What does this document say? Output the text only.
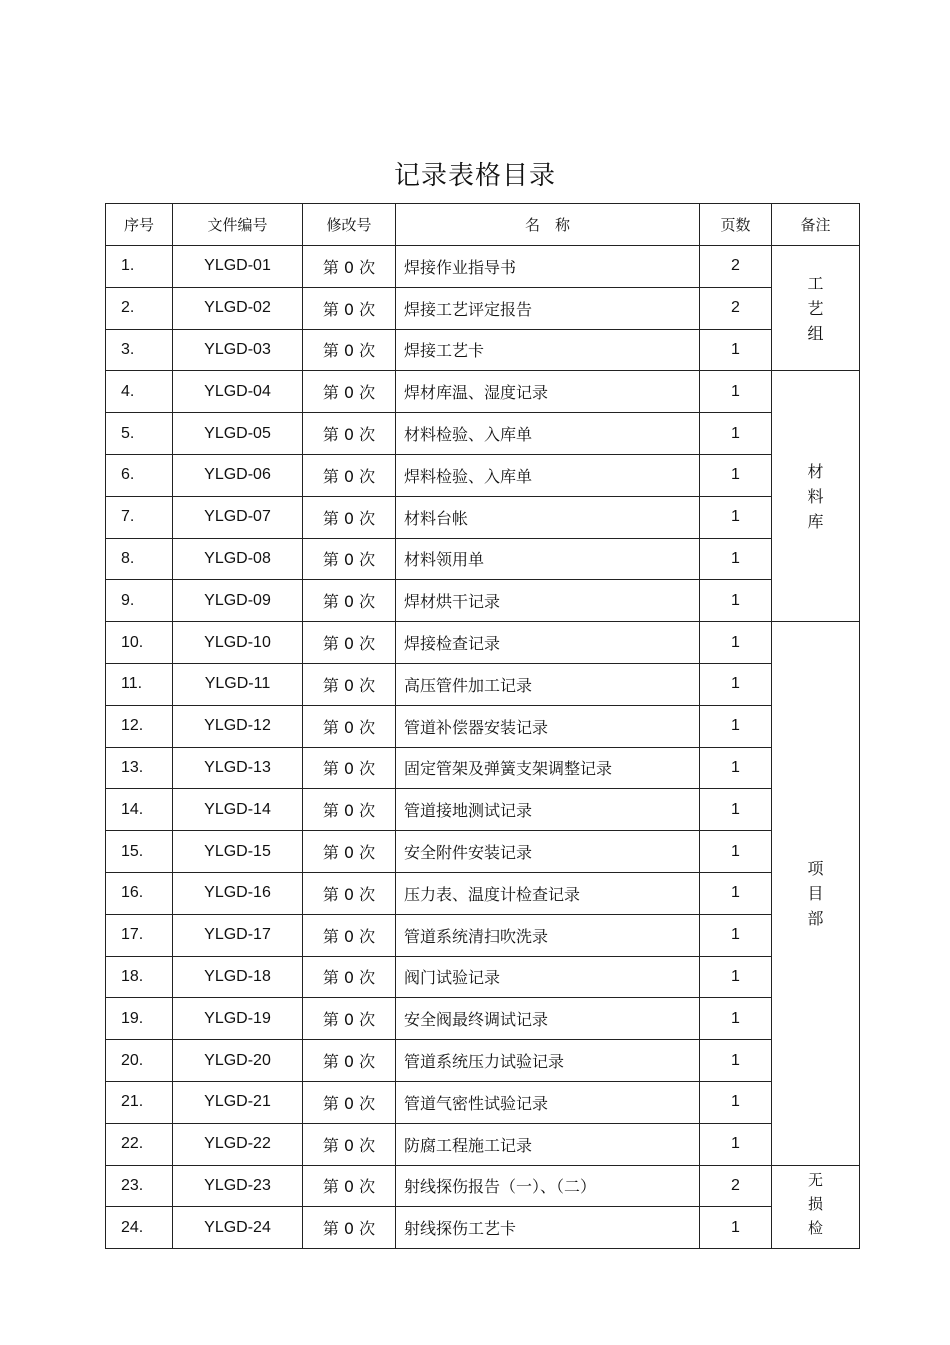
记录表格目录
序号	文件编号	修改号	名　称	页数	备注
1.	YLGD-01	第 0 次	焊接作业指导书	2	工艺组
2.	YLGD-02	第 0 次	焊接工艺评定报告	2	
3.	YLGD-03	第 0 次	焊接工艺卡	1	
4.	YLGD-04	第 0 次	焊材库温、湿度记录	1	材料库
5.	YLGD-05	第 0 次	材料检验、入库单	1	
6.	YLGD-06	第 0 次	焊料检验、入库单	1	
7.	YLGD-07	第 0 次	材料台帐	1	
8.	YLGD-08	第 0 次	材料领用单	1	
9.	YLGD-09	第 0 次	焊材烘干记录	1	
10.	YLGD-10	第 0 次	焊接检查记录	1	项目部
11.	YLGD-11	第 0 次	高压管件加工记录	1	
12.	YLGD-12	第 0 次	管道补偿器安装记录	1	
13.	YLGD-13	第 0 次	固定管架及弹簧支架调整记录	1	
14.	YLGD-14	第 0 次	管道接地测试记录	1	
15.	YLGD-15	第 0 次	安全附件安装记录	1	
16.	YLGD-16	第 0 次	压力表、温度计检查记录	1	
17.	YLGD-17	第 0 次	管道系统清扫吹洗录	1	
18.	YLGD-18	第 0 次	阀门试验记录	1	
19.	YLGD-19	第 0 次	安全阀最终调试记录	1	
20.	YLGD-20	第 0 次	管道系统压力试验记录	1	
21.	YLGD-21	第 0 次	管道气密性试验记录	1	
22.	YLGD-22	第 0 次	防腐工程施工记录	1	
23.	YLGD-23	第 0 次	射线探伤报告（一）、（二）	2	无损检
24.	YLGD-24	第 0 次	射线探伤工艺卡	1	
